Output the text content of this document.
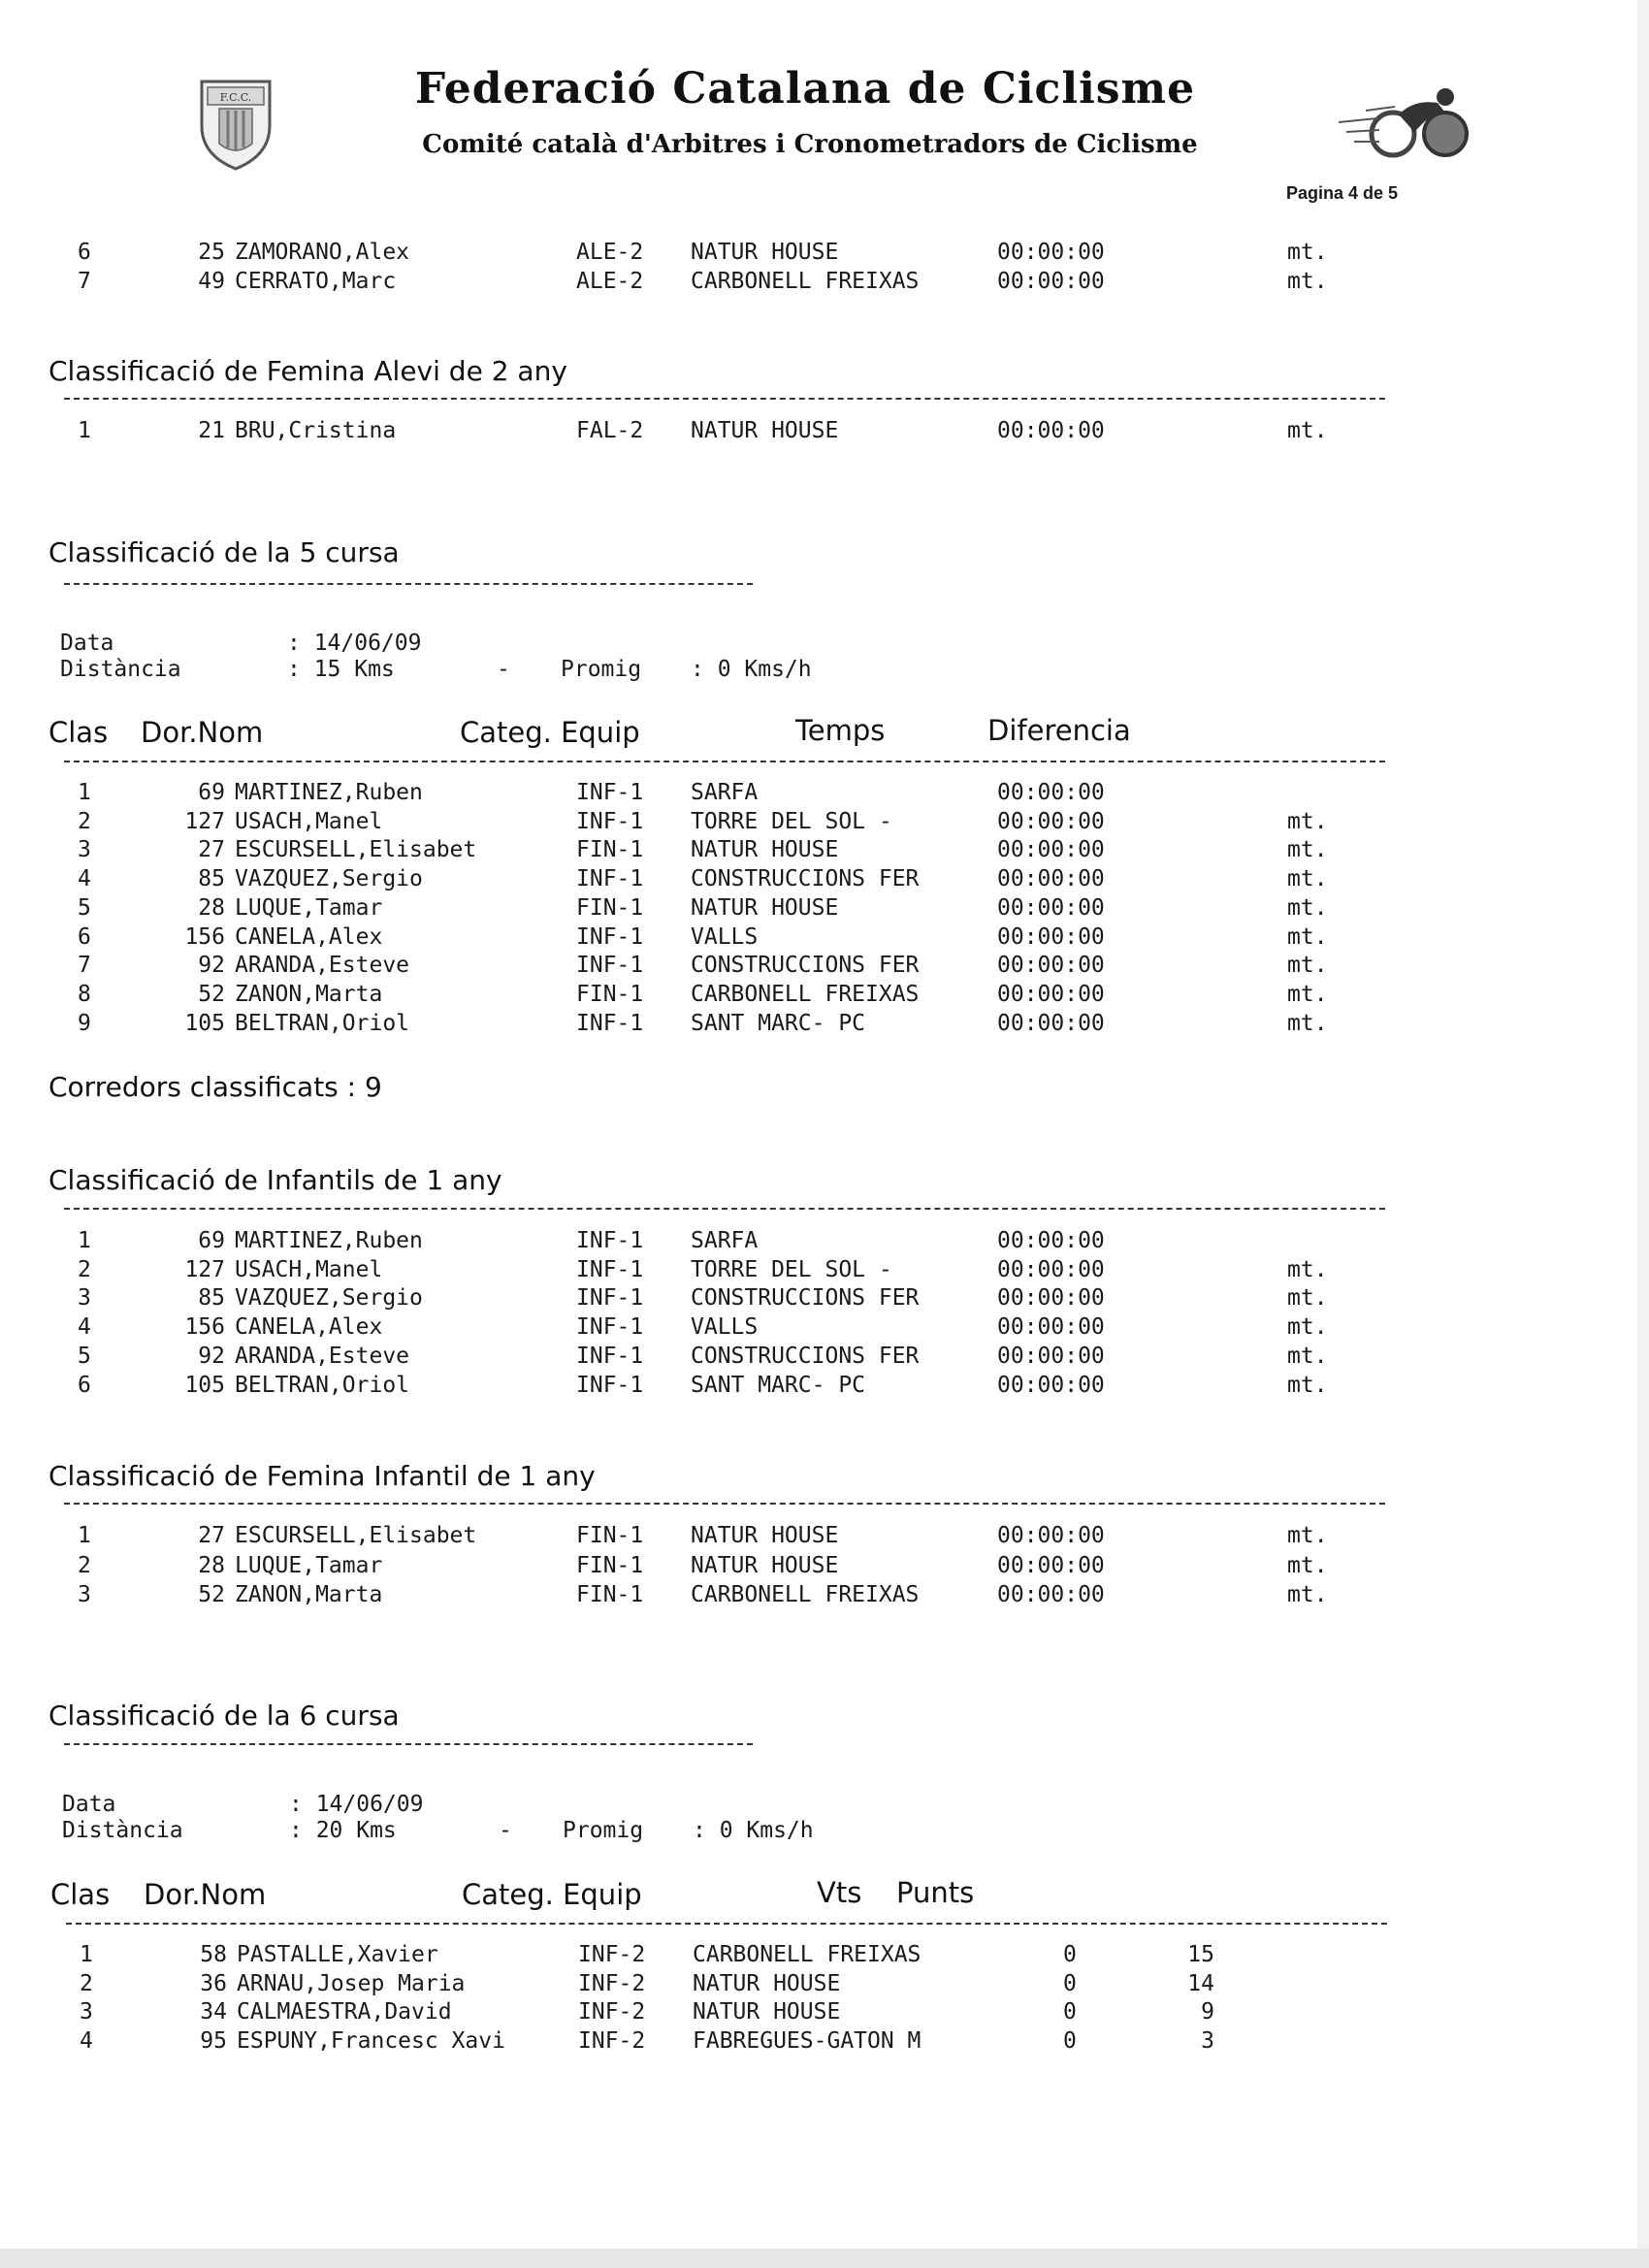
F.C.C.	Federació Catalana de Ciclisme
Comité català d'Arbitres i Cronometradors de Ciclisme
Pagina 4 de 5
6	25 ZAMORANO,Alex	ALE-2 NATUR HOUSE	00:00:00	mt.
7	49 CERRATO,Marc	ALE-2 CARBONELL FREIXAS	00:00:00	mt.
Classificació de Femina Alevi de 2 any
1	21 BRU,Cristina	FAL-2 NATUR HOUSE	00:00:00	mt.
Classificació de la 5 cursa
Data	: 14/06/09
Distància	: 15 Kms	- Promig : 0 Kms/h
Clas Dor.Nom	Categ. Equip	Temps	Diferencia
1	69 MARTINEZ,Ruben	INF-1 SARFA	00:00:00
2	127 USACH,Manel	INF-1 TORRE DEL SOL -	00:00:00	mt.
3	27 ESCURSELL,Elisabet	FIN-1 NATUR HOUSE	00:00:00	mt.
4	85 VAZQUEZ,Sergio	INF-1 CONSTRUCCIONS FER	00:00:00	mt.
5	28 LUQUE,Tamar	FIN-1 NATUR HOUSE	00:00:00	mt.
6	156 CANELA,Alex	INF-1 VALLS	00:00:00	mt.
7	92 ARANDA,Esteve	INF-1 CONSTRUCCIONS FER	00:00:00	mt.
8	52 ZANON,Marta	FIN-1 CARBONELL FREIXAS	00:00:00	mt.
9	105 BELTRAN,Oriol	INF-1 SANT MARC- PC	00:00:00	mt.
Corredors classificats : 9
Classificació de Infantils de 1 any
1	69 MARTINEZ,Ruben	INF-1 SARFA	00:00:00
2	127 USACH,Manel	INF-1 TORRE DEL SOL -	00:00:00	mt.
3	85 VAZQUEZ,Sergio	INF-1 CONSTRUCCIONS FER	00:00:00	mt.
4	156 CANELA,Alex	INF-1 VALLS	00:00:00	mt.
5	92 ARANDA,Esteve	INF-1 CONSTRUCCIONS FER	00:00:00	mt.
6	105 BELTRAN,Oriol	INF-1 SANT MARC- PC	00:00:00	mt.
Classificació de Femina Infantil de 1 any
1	27 ESCURSELL,Elisabet	FIN-1 NATUR HOUSE	00:00:00	mt.
2	28 LUQUE,Tamar	FIN-1 NATUR HOUSE	00:00:00	mt.
3	52 ZANON,Marta	FIN-1 CARBONELL FREIXAS	00:00:00	mt.
Classificació de la 6 cursa
Data	: 14/06/09
Distància	: 20 Kms	- Promig : 0 Kms/h
Clas Dor.Nom	Categ. Equip	Vts Punts
1	58 PASTALLE,Xavier	INF-2 CARBONELL FREIXAS	0	15
2	36 ARNAU,Josep Maria	INF-2 NATUR HOUSE	0	14
3	34 CALMAESTRA,David	INF-2 NATUR HOUSE	0	9
4	95 ESPUNY,Francesc Xavi	INF-2 FABREGUES-GATON M	0	3
